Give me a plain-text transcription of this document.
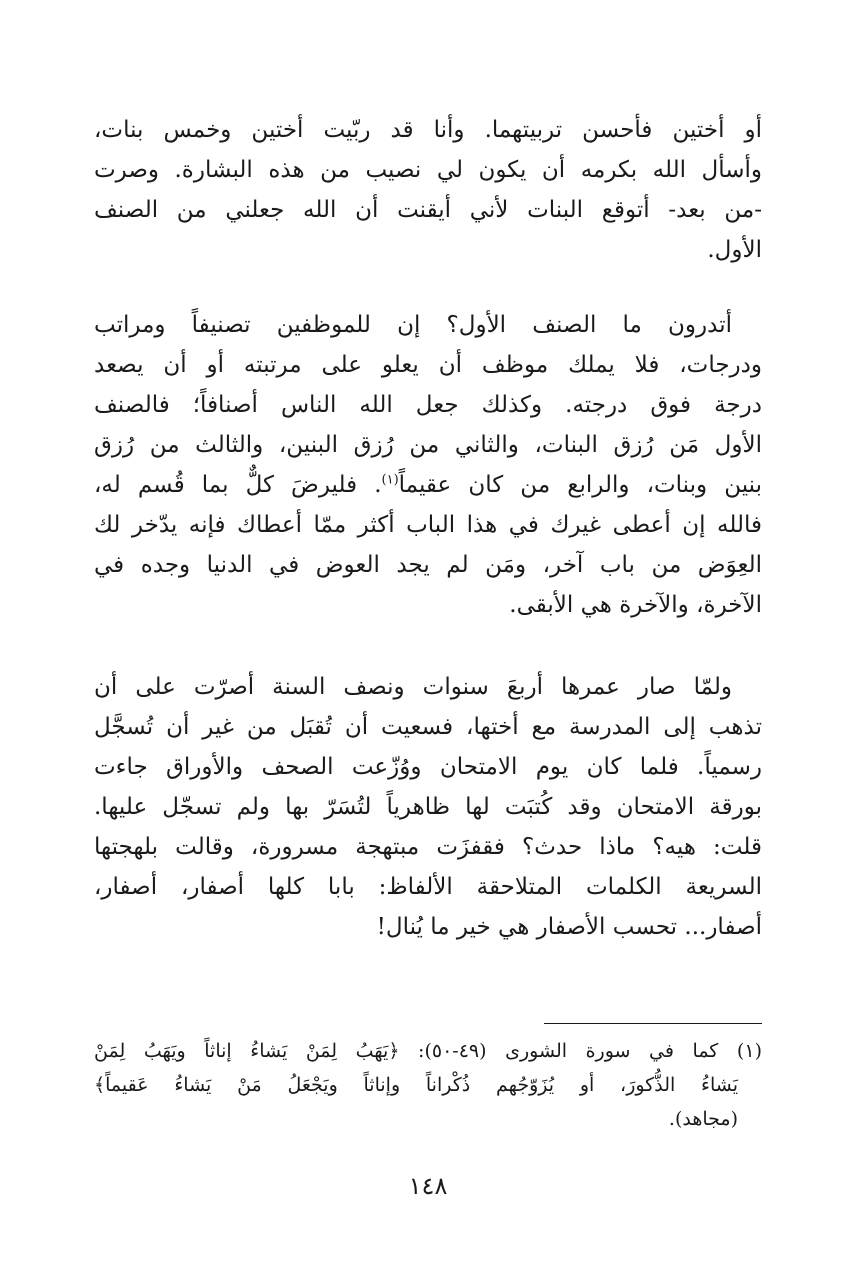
أو أختين فأحسن تربيتهما. وأنا قد ربّيت أختين وخمس بنات،
وأسأل الله بكرمه أن يكون لي نصيب من هذه البشارة. وصرت
-من بعد- أتوقع البنات لأني أيقنت أن الله جعلني من الصنف
الأول.
أتدرون ما الصنف الأول؟ إن للموظفين تصنيفاً ومراتب
ودرجات، فلا يملك موظف أن يعلو على مرتبته أو أن يصعد
درجة فوق درجته. وكذلك جعل الله الناس أصنافاً؛ فالصنف
الأول مَن رُزق البنات، والثاني من رُزق البنين، والثالث من رُزق
بنين وبنات، والرابع من كان عقيماً$^{(١)}$. فليرضَ كلٌّ بما قُسم له،
فالله إن أعطى غيرك في هذا الباب أكثر ممّا أعطاك فإنه يدّخر لك
العِوَض من باب آخر، ومَن لم يجد العوض في الدنيا وجده في
الآخرة، والآخرة هي الأبقى.
ولمّا صار عمرها أربعَ سنوات ونصف السنة أصرّت على أن
تذهب إلى المدرسة مع أختها، فسعيت أن تُقبَل من غير أن تُسجَّل
رسمياً. فلما كان يوم الامتحان ووُزّعت الصحف والأوراق جاءت
بورقة الامتحان وقد كُتبَت لها ظاهرياً لتُسَرّ بها ولم تسجّل عليها.
قلت: هيه؟ ماذا حدث؟ فقفزَت مبتهجة مسرورة، وقالت بلهجتها
السريعة الكلمات المتلاحقة الألفاظ: بابا كلها أصفار، أصفار،
أصفار... تحسب الأصفار هي خير ما يُنال!
(١) كما في سورة الشورى (٤٩-٥٠): ﴿يَهَبُ لِمَنْ يَشاءُ إناثاً ويَهَبُ لِمَنْ
يَشاءُ الذُّكورَ، أو يُزَوّجُهم ذُكْراناً وإناثاً ويَجْعَلُ مَنْ يَشاءُ عَقيماً﴾
(مجاهد).
١٤٨
